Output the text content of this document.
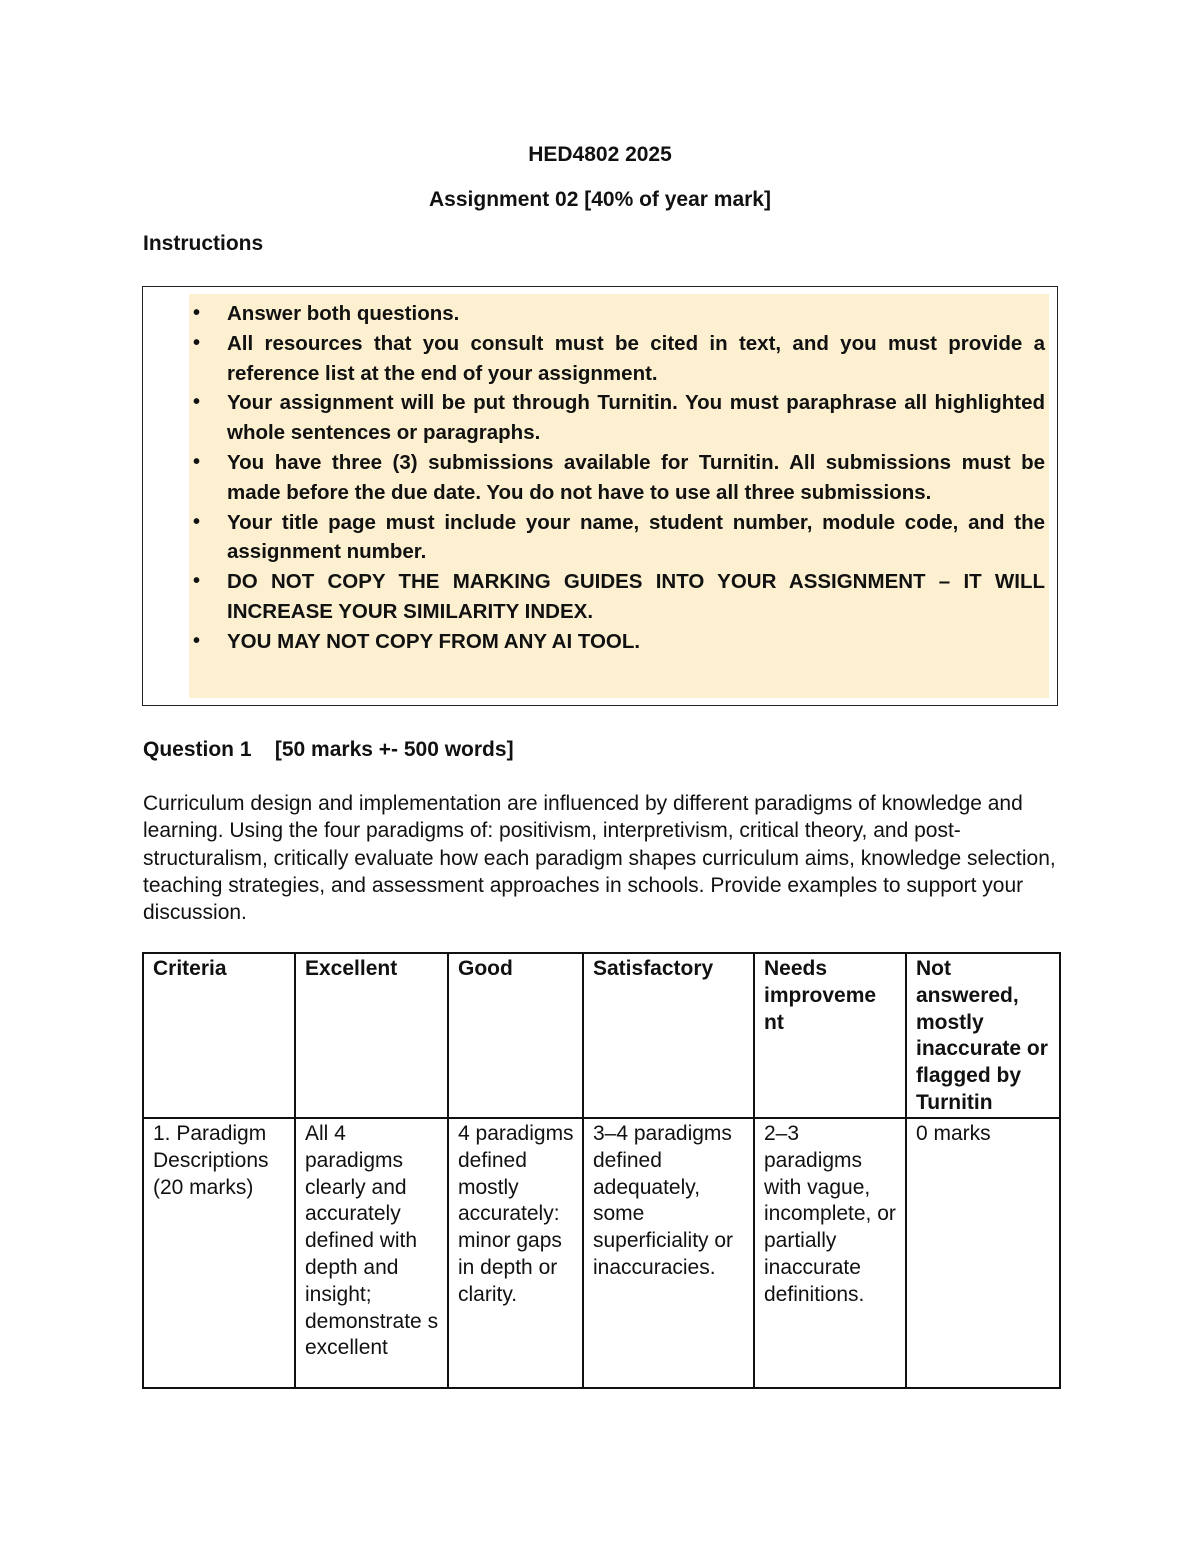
HED4802 2025
Assignment 02 [40% of year mark]
Instructions
• Answer both questions.
• All resources that you consult must be cited in text, and you must provide a reference list at the end of your assignment.
• Your assignment will be put through Turnitin. You must paraphrase all highlighted whole sentences or paragraphs.
• You have three (3) submissions available for Turnitin. All submissions must be made before the due date. You do not have to use all three submissions.
• Your title page must include your name, student number, module code, and the assignment number.
• DO NOT COPY THE MARKING GUIDES INTO YOUR ASSIGNMENT – IT WILL INCREASE YOUR SIMILARITY INDEX.
• YOU MAY NOT COPY FROM ANY AI TOOL.
Question 1    [50 marks +- 500 words]
Curriculum design and implementation are influenced by different paradigms of knowledge and learning. Using the four paradigms of: positivism, interpretivism, critical theory, and post-structuralism, critically evaluate how each paradigm shapes curriculum aims, knowledge selection, teaching strategies, and assessment approaches in schools. Provide examples to support your discussion.
Criteria	Excellent	Good	Satisfactory	Needs improveme nt	Not answered, mostly inaccurate or flagged by Turnitin
1. Paradigm Descriptions (20 marks)	All 4 paradigms clearly and accurately defined with depth and insight; demonstrate s excellent	4 paradigms defined mostly accurately: minor gaps in depth or clarity.	3–4 paradigms defined adequately, some superficiality or inaccuracies.	2–3 paradigms with vague, incomplete, or partially inaccurate definitions.	0 marks
